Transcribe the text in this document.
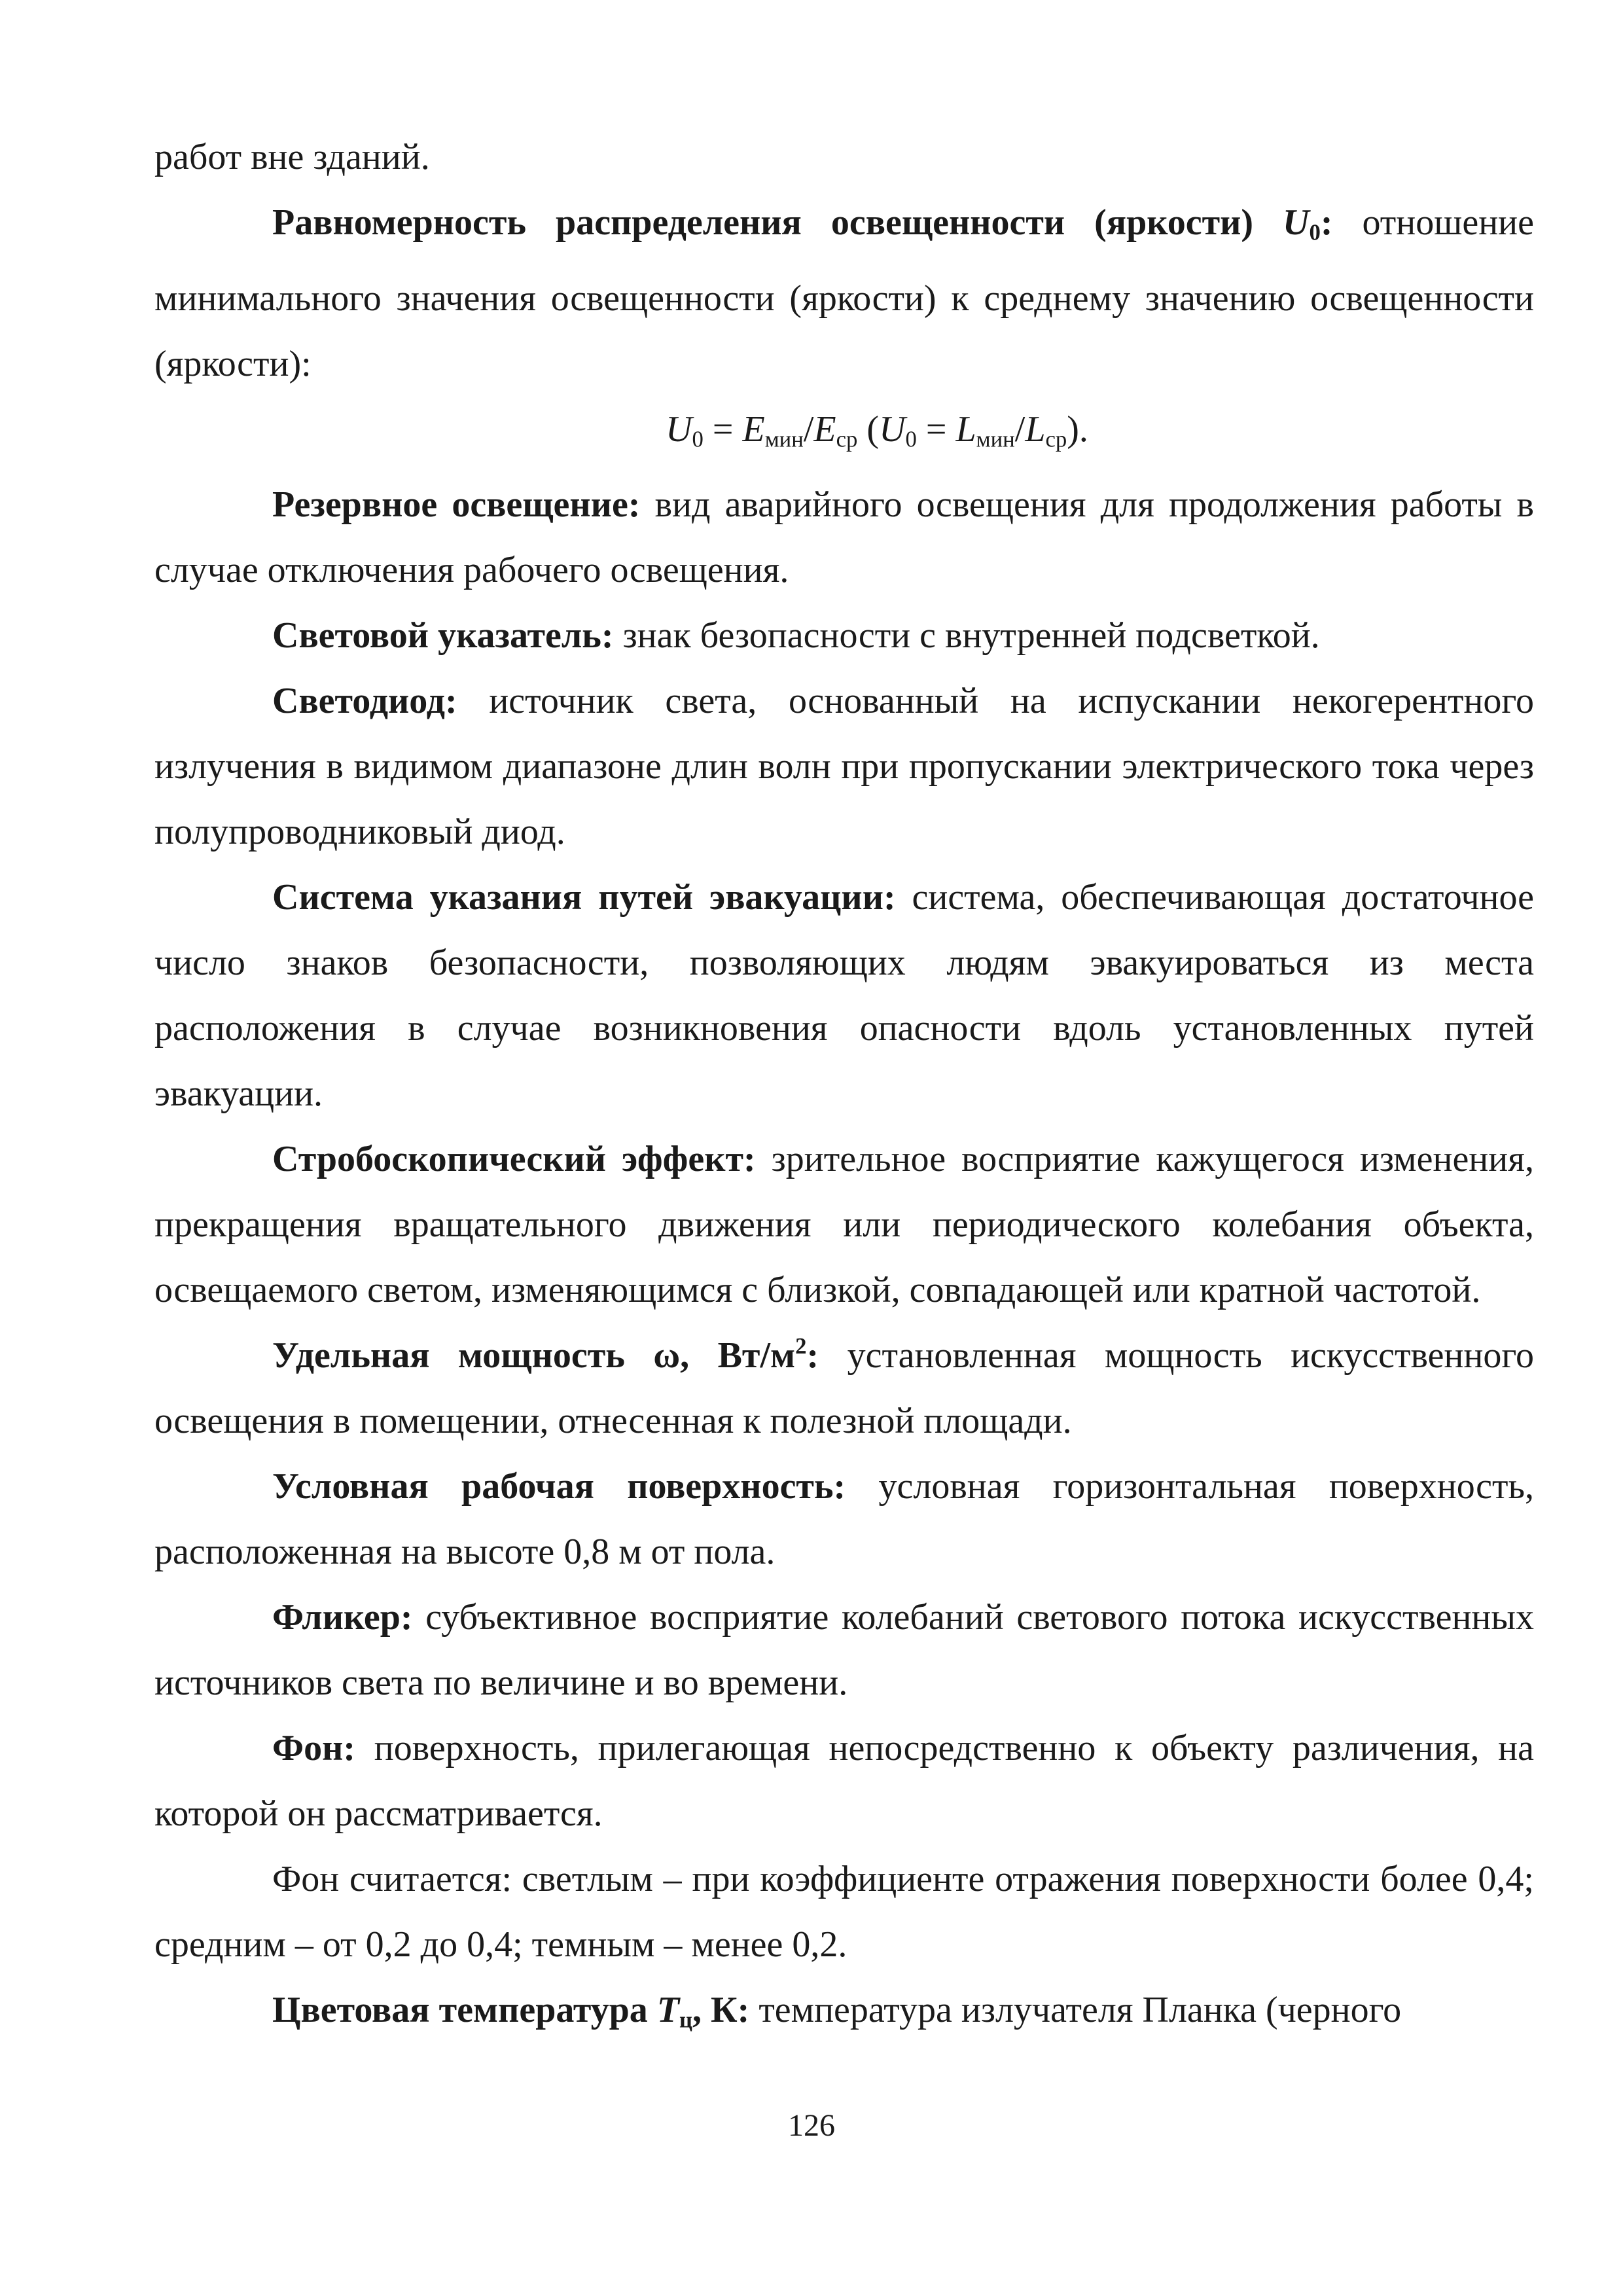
работ вне зданий.

Равномерность распределения освещенности (яркости) $U_0$: отношение минимального значения освещенности (яркости) к среднему значению освещенности (яркости):

$U_0 = E_{мин}/E_{ср}$ $(U_0 = L_{мин}/L_{ср})$.

Резервное освещение: вид аварийного освещения для продолжения работы в случае отключения рабочего освещения.

Световой указатель: знак безопасности с внутренней подсветкой.

Светодиод: источник света, основанный на испускании некогерентного излучения в видимом диапазоне длин волн при пропускании электрического тока через полупроводниковый диод.

Система указания путей эвакуации: система, обеспечивающая достаточное число знаков безопасности, позволяющих людям эвакуироваться из места расположения в случае возникновения опасности вдоль установленных путей эвакуации.

Стробоскопический эффект: зрительное восприятие кажущегося изменения, прекращения вращательного движения или периодического колебания объекта, освещаемого светом, изменяющимся с близкой, совпадающей или кратной частотой.

Удельная мощность ω, $Вт/м^2$: установленная мощность искусственного освещения в помещении, отнесенная к полезной площади.

Условная рабочая поверхность: условная горизонтальная поверхность, расположенная на высоте 0,8 м от пола.

Фликер: субъективное восприятие колебаний светового потока искусственных источников света по величине и во времени.

Фон: поверхность, прилегающая непосредственно к объекту различения, на которой он рассматривается.

Фон считается: светлым – при коэффициенте отражения поверхности более 0,4; средним – от 0,2 до 0,4; темным – менее 0,2.

Цветовая температура $T_ц$, К: температура излучателя Планка (черного

126
